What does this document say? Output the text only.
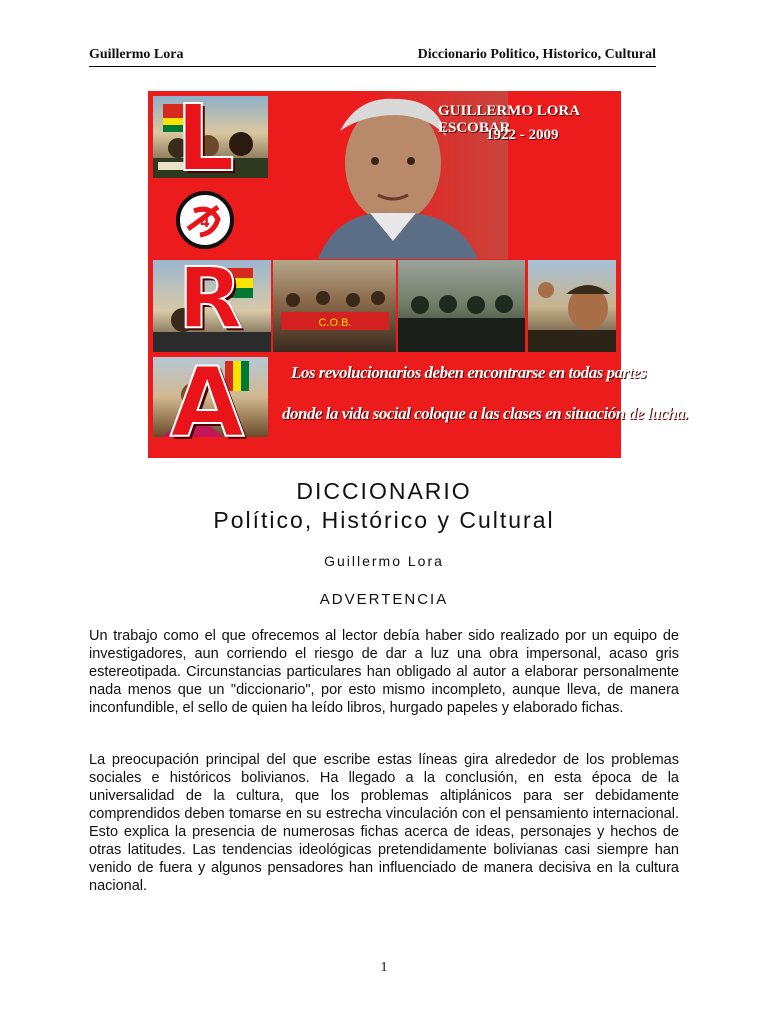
Guillermo Lora	Diccionario Politico, Historico, Cultural
GUILLERMO LORA ESCOBAR
1922 - 2009
C.O.B.
4
L
R
A	Los revolucionarios deben encontrarse en todas partes
donde la vida social coloque a las clases en situación de lucha.
DICCIONARIO
Político, Histórico y Cultural
Guillermo Lora
ADVERTENCIA

Un trabajo como el que ofrecemos al lector debía haber sido realizado por un equipo de investigadores, aun corriendo el riesgo de dar a luz una obra impersonal, acaso gris estereotipada. Circunstancias particulares han obligado al autor a elaborar personalmente nada menos que un "diccionario", por esto mismo incompleto, aunque lleva, de manera inconfundible, el sello de quien ha leído libros, hurgado papeles y elaborado fichas.

La preocupación principal del que escribe estas líneas gira alrededor de los problemas sociales e históricos bolivianos. Ha llegado a la conclusión, en esta época de la universalidad de la cultura, que los problemas altiplánicos para ser debidamente comprendidos deben tomarse en su estrecha vinculación con el pensamiento internacional. Esto explica la presencia de numerosas fichas acerca de ideas, personajes y hechos de otras latitudes. Las tendencias ideológicas pretendidamente bolivianas casi siempre han venido de fuera y algunos pensadores han influenciado de manera decisiva en la cultura nacional.

1
